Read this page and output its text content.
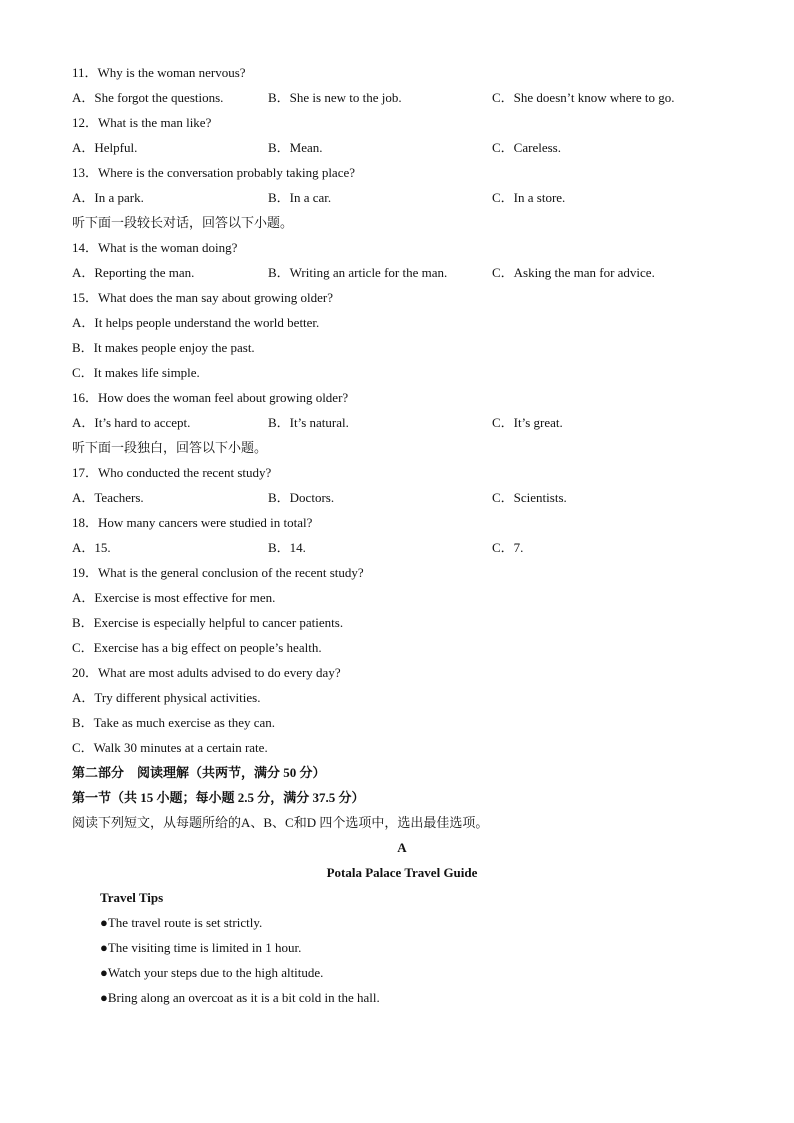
11．Why is the woman nervous?
A．She forgot the questions.	B．She is new to the job.	C．She doesn’t know where to go.
12．What is the man like?
A．Helpful.	B．Mean.	C．Careless.
13．Where is the conversation probably taking place?
A．In a park.	B．In a car.	C．In a store.
听下面一段较长对话，回答以下小题。
14．What is the woman doing?
A．Reporting the man.	B．Writing an article for the man.	C．Asking the man for advice.
15．What does the man say about growing older?
A．It helps people understand the world better.
B．It makes people enjoy the past.
C．It makes life simple.
16．How does the woman feel about growing older?
A．It’s hard to accept.	B．It’s natural.	C．It’s great.
听下面一段独白，回答以下小题。
17．Who conducted the recent study?
A．Teachers.	B．Doctors.	C．Scientists.
18．How many cancers were studied in total?
A．15.	B．14.	C．7.
19．What is the general conclusion of the recent study?
A．Exercise is most effective for men.
B．Exercise is especially helpful to cancer patients.
C．Exercise has a big effect on people’s health.
20．What are most adults advised to do every day?
A．Try different physical activities.
B．Take as much exercise as they can.
C．Walk 30 minutes at a certain rate.
第二部分　阅读理解（共两节，满分 50 分）
第一节（共 15 小题；每小题 2.5 分，满分 37.5 分）
阅读下列短文，从每题所给的A、B、C和D 四个选项中，选出最佳选项。
A
Potala Palace Travel Guide
Travel Tips
●The travel route is set strictly.
●The visiting time is limited in 1 hour.
●Watch your steps due to the high altitude.
●Bring along an overcoat as it is a bit cold in the hall.
